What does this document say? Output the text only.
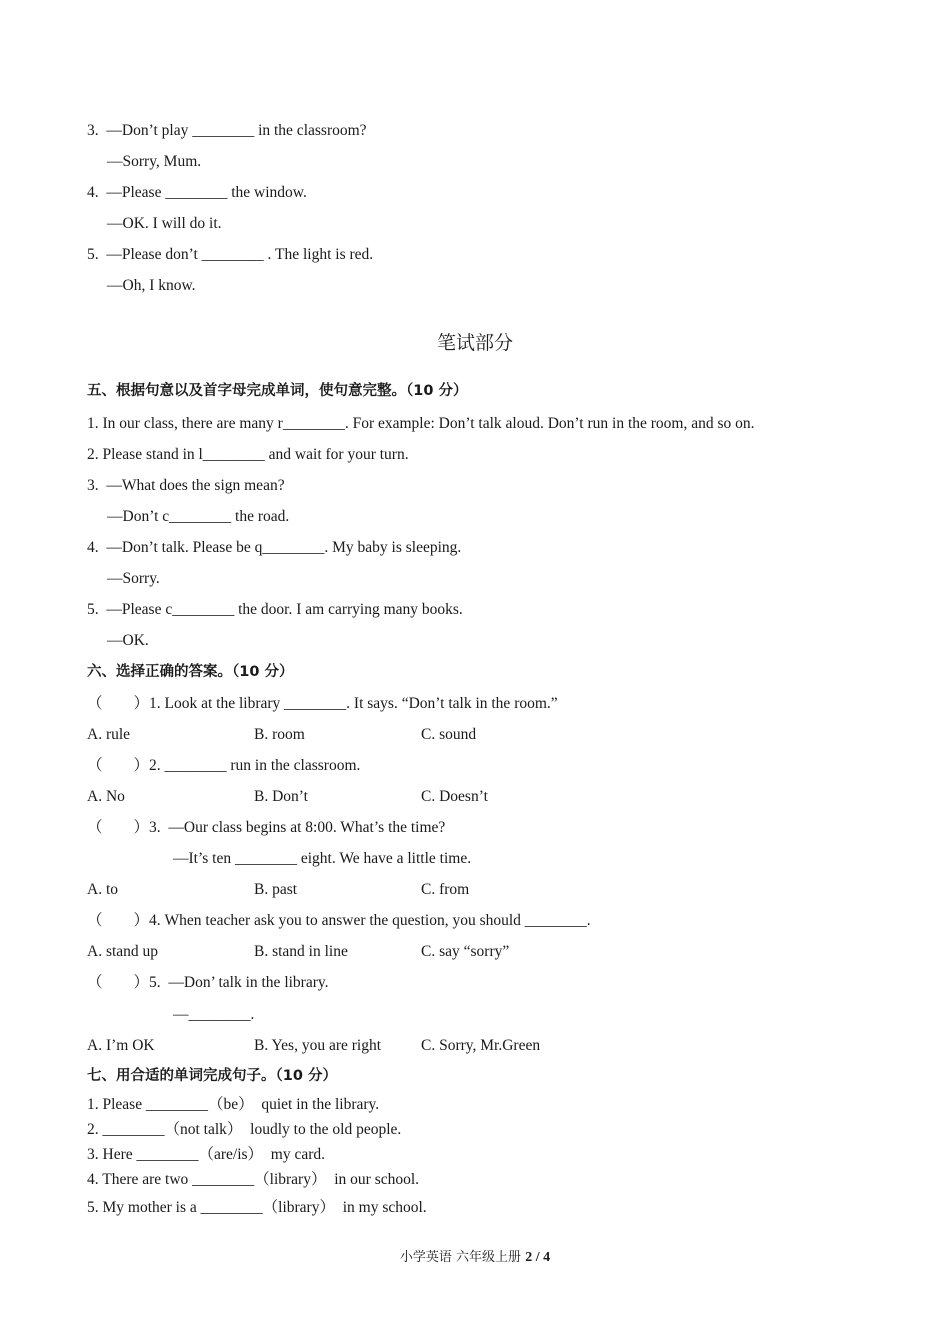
3.  —Don’t play ________ in the classroom?
—Sorry, Mum.
4.  —Please ________ the window.
—OK. I will do it.
5.  —Please don’t ________ . The light is red.
—Oh, I know.
笔试部分
五、根据句意以及首字母完成单词，使句意完整。（10 分）
1. In our class, there are many r________. For example: Don’t talk aloud. Don’t run in the room, and so on.
2. Please stand in l________ and wait for your turn.
3.  —What does the sign mean?
—Don’t c________ the road.
4.  —Don’t talk. Please be q________. My baby is sleeping.
—Sorry.
5.  —Please c________ the door. I am carrying many books.
—OK.
六、选择正确的答案。（10 分）
（        ）1. Look at the library ________. It says. “Don’t talk in the room.”
A. rule	B. room	C. sound
（        ）2. ________ run in the classroom.
A. No	B. Don’t	C. Doesn’t
（        ）3.  —Our class begins at 8:00. What’s the time?
—It’s ten ________ eight. We have a little time.
A. to	B. past	C. from
（        ）4. When teacher ask you to answer the question, you should ________.
A. stand up	B. stand in line	C. say “sorry”
（        ）5.  —Don’ talk in the library.
—________.
A. I’m OK	B. Yes, you are right	C. Sorry, Mr.Green
七、用合适的单词完成句子。（10 分）
1. Please ________（be）  quiet in the library.
2. ________（not talk）  loudly to the old people.
3. Here ________（are/is）  my card.
4. There are two ________（library）  in our school.
5. My mother is a ________（library）  in my school.
小学英语 六年级上册 2 / 4
